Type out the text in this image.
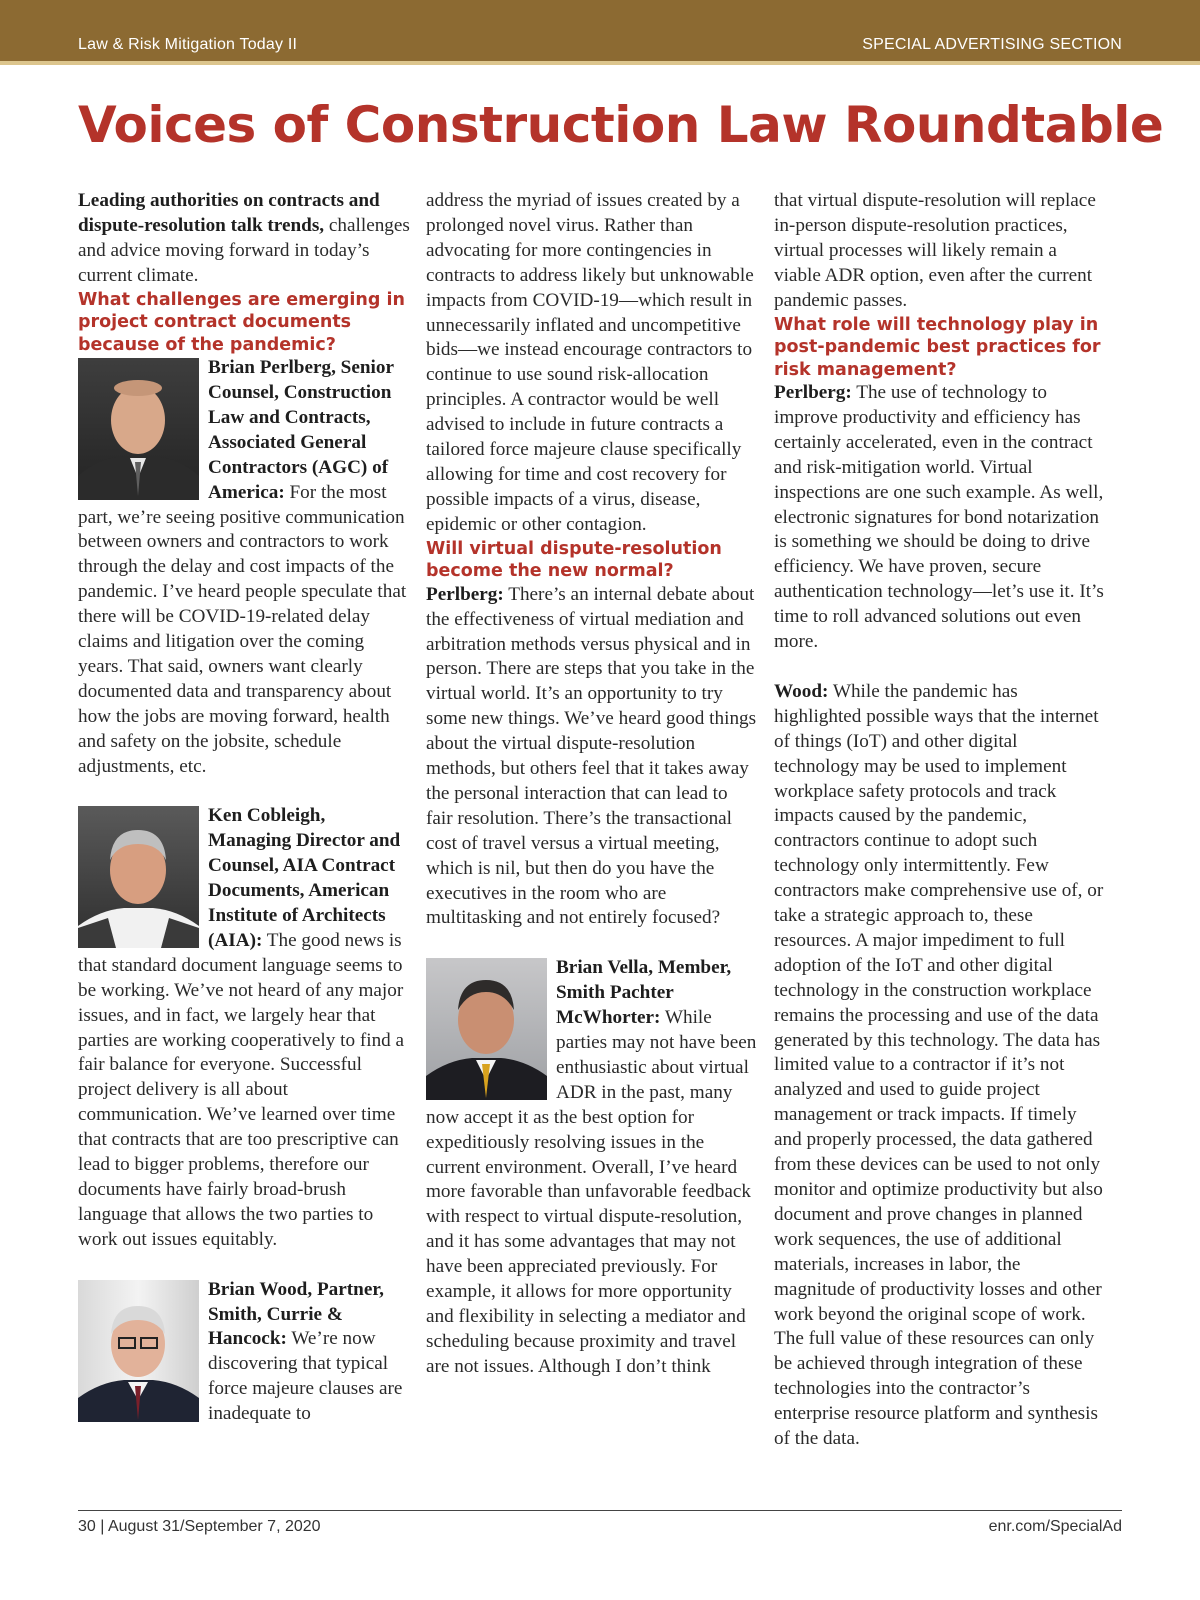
Law & Risk Mitigation Today II	SPECIAL ADVERTISING SECTION
Voices of Construction Law Roundtable

Leading authorities on contracts and dispute-resolution talk trends, challenges and advice moving forward in today’s current climate.

What challenges are emerging in project contract documents because of the pandemic?

Brian Perlberg, Senior Counsel, Construction Law and Contracts, Associated General Contractors (AGC) of America: For the most part, we’re seeing positive communication between owners and contractors to work through the delay and cost impacts of the pandemic. I’ve heard people speculate that there will be COVID-19-related delay claims and litigation over the coming years. That said, owners want clearly documented data and transparency about how the jobs are moving forward, health and safety on the jobsite, schedule adjustments, etc.

Ken Cobleigh, Managing Director and Counsel, AIA Contract Documents, American Institute of Architects (AIA): The good news is that standard document language seems to be working. We’ve not heard of any major issues, and in fact, we largely hear that parties are working cooperatively to find a fair balance for everyone. Successful project delivery is all about communication. We’ve learned over time that contracts that are too prescriptive can lead to bigger problems, therefore our documents have fairly broad-brush language that allows the two parties to work out issues equitably.

Brian Wood, Partner, Smith, Currie & Hancock: We’re now discovering that typical force majeure clauses are inadequate to

address the myriad of issues created by a prolonged novel virus. Rather than advocating for more contingencies in contracts to address likely but unknowable impacts from COVID-19—which result in unnecessarily inflated and uncompetitive bids—we instead encourage contractors to continue to use sound risk-allocation principles. A contractor would be well advised to include in future contracts a tailored force majeure clause specifically allowing for time and cost recovery for possible impacts of a virus, disease, epidemic or other contagion.

Will virtual dispute-resolution become the new normal?

Perlberg: There’s an internal debate about the effectiveness of virtual mediation and arbitration methods versus physical and in person. There are steps that you take in the virtual world. It’s an opportunity to try some new things. We’ve heard good things about the virtual dispute-resolution methods, but others feel that it takes away the personal interaction that can lead to fair resolution. There’s the transactional cost of travel versus a virtual meeting, which is nil, but then do you have the executives in the room who are multitasking and not entirely focused?

Brian Vella, Member, Smith Pachter McWhorter: While parties may not have been enthusiastic about virtual ADR in the past, many now accept it as the best option for expeditiously resolving issues in the current environment. Overall, I’ve heard more favorable than unfavorable feedback with respect to virtual dispute-resolution, and it has some advantages that may not have been appreciated previously. For example, it allows for more opportunity and flexibility in selecting a mediator and scheduling because proximity and travel are not issues. Although I don’t think

that virtual dispute-resolution will replace in-person dispute-resolution practices, virtual processes will likely remain a viable ADR option, even after the current pandemic passes.

What role will technology play in post-pandemic best practices for risk management?

Perlberg: The use of technology to improve productivity and efficiency has certainly accelerated, even in the contract and risk-mitigation world. Virtual inspections are one such example. As well, electronic signatures for bond notarization is something we should be doing to drive efficiency. We have proven, secure authentication technology—let’s use it. It’s time to roll advanced solutions out even more.

Wood: While the pandemic has highlighted possible ways that the internet of things (IoT) and other digital technology may be used to implement workplace safety protocols and track impacts caused by the pandemic, contractors continue to adopt such technology only intermittently. Few contractors make comprehensive use of, or take a strategic approach to, these resources. A major impediment to full adoption of the IoT and other digital technology in the construction workplace remains the processing and use of the data generated by this technology. The data has limited value to a contractor if it’s not analyzed and used to guide project management or track impacts. If timely and properly processed, the data gathered from these devices can be used to not only monitor and optimize productivity but also document and prove changes in planned work sequences, the use of additional materials, increases in labor, the magnitude of productivity losses and other work beyond the original scope of work. The full value of these resources can only be achieved through integration of these technologies into the contractor’s enterprise resource platform and synthesis of the data.

30 | August 31/September 7, 2020	enr.com/SpecialAd
